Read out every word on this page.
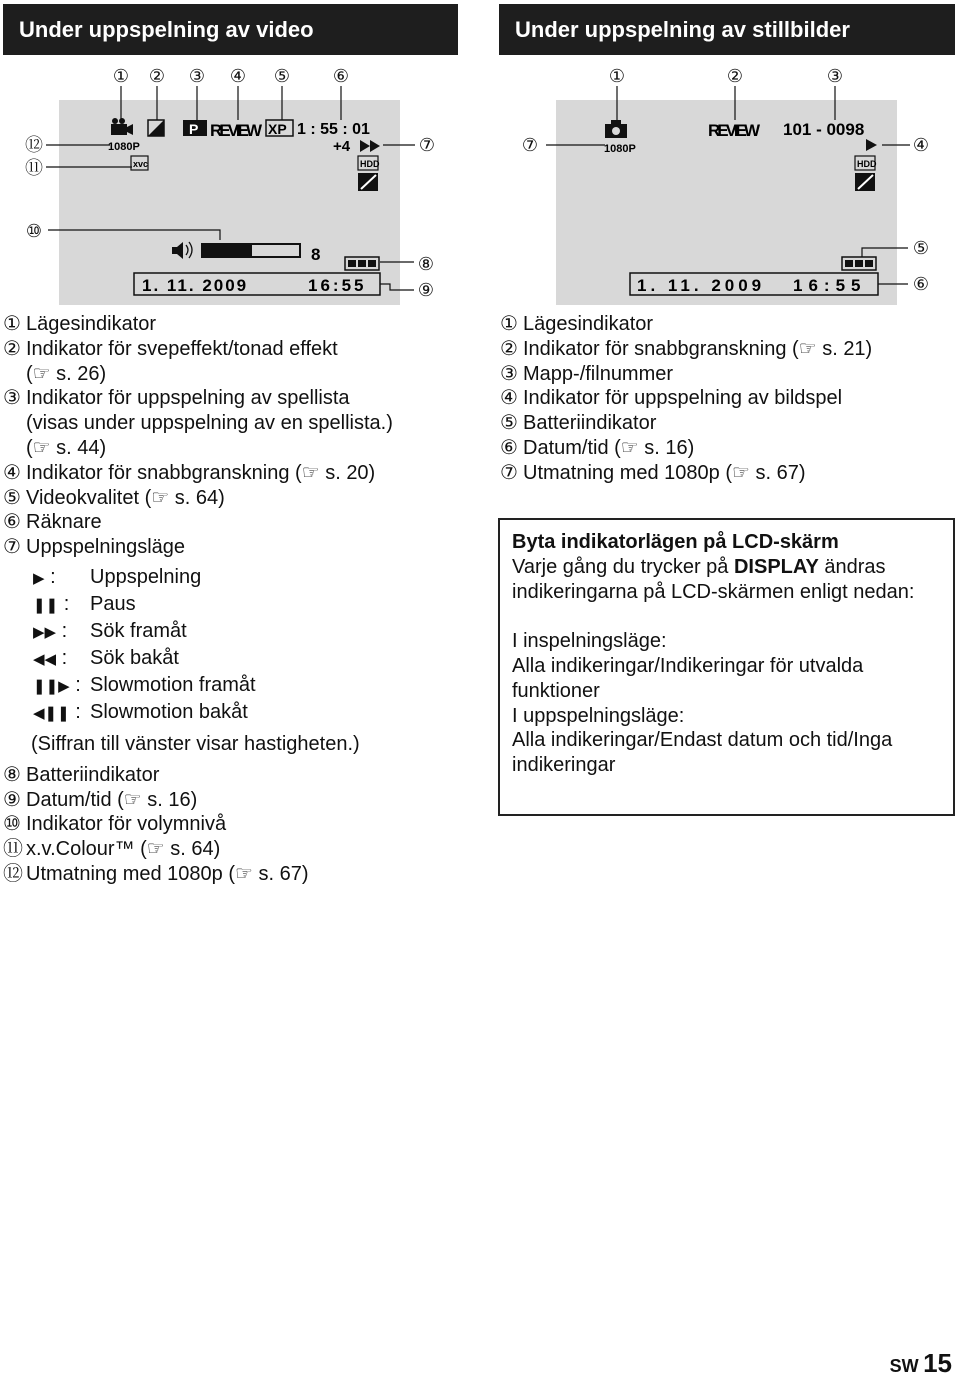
Under uppspelning av video	Under uppspelning av stillbilder
① ② ③ ④ ⑤ ⑥
⑦
⑧
⑨
⑩
⑪
⑫	1080P
xvc
P REVIEW XP 1 : 55 : 01
+4
HDD
8
1. 11. 2009	16:55
①	②	③
④
⑤
⑥
⑦	1080P
REVIEW 101 - 0098
HDD
1. 11. 2009 16:55
① Lägesindikator
② Indikator för svepeffekt/tonad effekt
(☞ s. 26)
③ Indikator för uppspelning av spellista
(visas under uppspelning av en spellista.)
(☞ s. 44)
④ Indikator för snabbgranskning (☞ s. 20)
⑤ Videokvalitet (☞ s. 64)
⑥ Räknare
⑦ Uppspelningsläge
▶ :	Uppspelning
❚❚ :	Paus
▶▶ :	Sök framåt
◀◀ :	Sök bakåt
❚❚▶ : Slowmotion framåt
◀❚❚ : Slowmotion bakåt
(Siffran till vänster visar hastigheten.)
⑧ Batteriindikator
⑨ Datum/tid (☞ s. 16)
⑩ Indikator för volymnivå
⑪ x.v.Colour™ (☞ s. 64)
⑫ Utmatning med 1080p (☞ s. 67)
① Lägesindikator
② Indikator för snabbgranskning (☞ s. 21)
③ Mapp-/filnummer
④ Indikator för uppspelning av bildspel
⑤ Batteriindikator
⑥ Datum/tid (☞ s. 16)
⑦ Utmatning med 1080p (☞ s. 67)
Byta indikatorlägen på LCD-skärm
Varje gång du trycker på DISPLAY ändras indikeringarna på LCD-skärmen enligt nedan:
I inspelningsläge:
Alla indikeringar/Indikeringar för utvalda funktioner
I uppspelningsläge:
Alla indikeringar/Endast datum och tid/Inga indikeringar
SW 15
